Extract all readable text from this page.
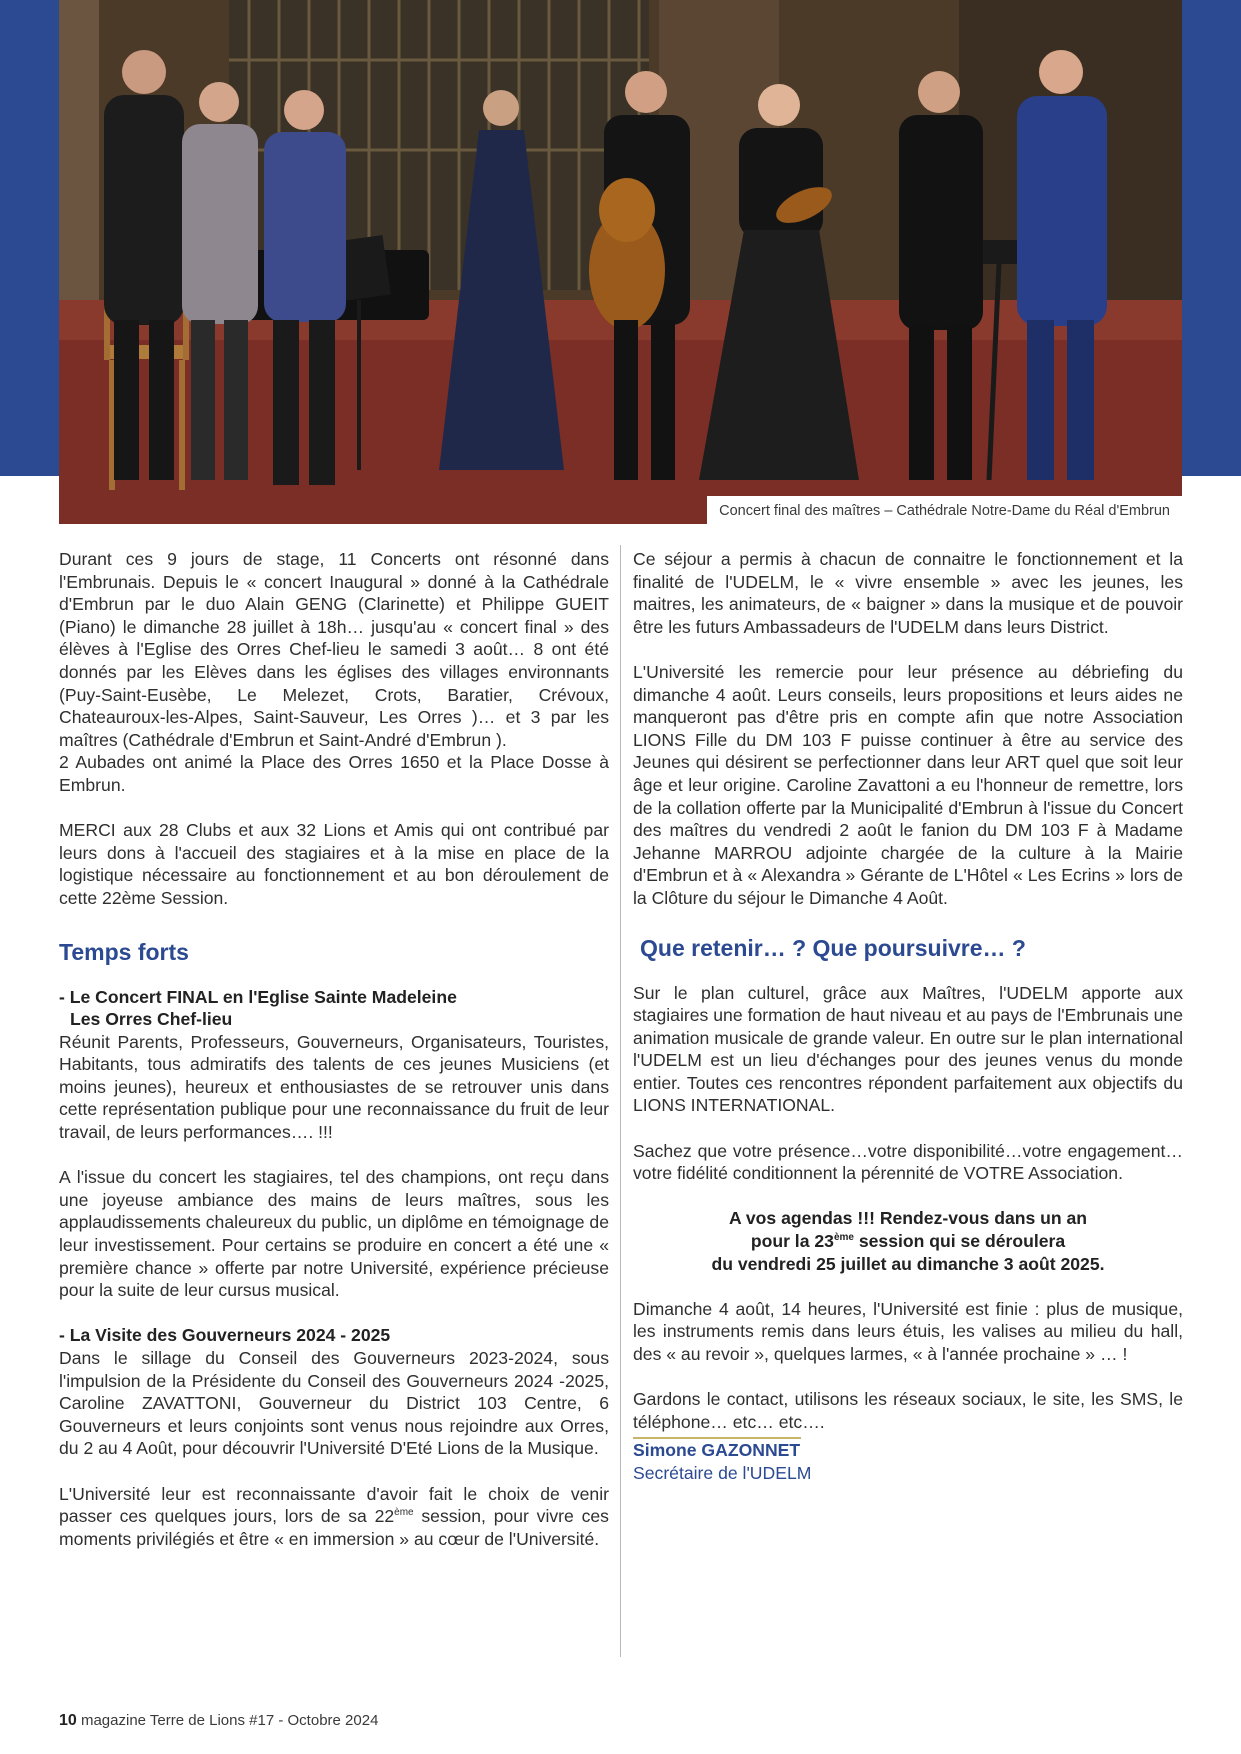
Concert final des maîtres – Cathédrale Notre-Dame du Réal d'Embrun

Durant ces 9 jours de stage, 11 Concerts ont résonné dans l'Embrunais. Depuis le « concert Inaugural » donné à la Cathédrale d'Embrun par le duo Alain GENG (Clarinette) et Philippe GUEIT (Piano) le dimanche 28 juillet à 18h… jusqu'au « concert final » des élèves à l'Eglise des Orres Chef-lieu le samedi 3 août… 8 ont été donnés par les Elèves dans les églises des villages environnants (Puy-Saint-Eusèbe, Le Melezet, Crots, Baratier, Crévoux, Chateauroux-les-Alpes, Saint-Sauveur, Les Orres )… et 3 par les maîtres (Cathédrale d'Embrun et Saint-André d'Embrun ).

2 Aubades ont animé la Place des Orres 1650 et la Place Dosse à Embrun.

MERCI aux 28 Clubs et aux 32 Lions et Amis qui ont contribué par leurs dons à l'accueil des stagiaires et à la mise en place de la logistique nécessaire au fonctionnement et au bon déroulement de cette 22ème Session.

Temps forts
- Le Concert FINAL en l'Eglise Sainte Madeleine
Les Orres Chef-lieu

Réunit Parents, Professeurs, Gouverneurs, Organisateurs, Touristes, Habitants, tous admiratifs des talents de ces jeunes Musiciens (et moins jeunes), heureux et enthousiastes de se retrouver unis dans cette représentation publique pour une reconnaissance du fruit de leur travail, de leurs performances…. !!!

A l'issue du concert les stagiaires, tel des champions, ont reçu dans une joyeuse ambiance des mains de leurs maîtres, sous les applaudissements chaleureux du public, un diplôme en témoignage de leur investissement. Pour certains se produire en concert a été une « première chance » offerte par notre Université, expérience précieuse pour la suite de leur cursus musical.

- La Visite des Gouverneurs 2024 - 2025

Dans le sillage du Conseil des Gouverneurs 2023-2024, sous l'impulsion de la Présidente du Conseil des Gouverneurs 2024 -2025, Caroline ZAVATTONI, Gouverneur du District 103 Centre, 6 Gouverneurs et leurs conjoints sont venus nous rejoindre aux Orres, du 2 au 4 Août, pour découvrir l'Université D'Eté Lions de la Musique.

L'Université leur est reconnaissante d'avoir fait le choix de venir passer ces quelques jours, lors de sa 22ème session, pour vivre ces moments privilégiés et être « en immersion » au cœur de l'Université.

Ce séjour a permis à chacun de connaitre le fonctionnement et la finalité de l'UDELM, le « vivre ensemble » avec les jeunes, les maitres, les animateurs, de « baigner » dans la musique et de pouvoir être les futurs Ambassadeurs de l'UDELM dans leurs District.

L'Université les remercie pour leur présence au débriefing du dimanche 4 août. Leurs conseils, leurs propositions et leurs aides ne manqueront pas d'être pris en compte afin que notre Association LIONS Fille du DM 103 F puisse continuer à être au service des Jeunes qui désirent se perfectionner dans leur ART quel que soit leur âge et leur origine. Caroline Zavattoni a eu l'honneur de remettre, lors de la collation offerte par la Municipalité d'Embrun à l'issue du Concert des maîtres du vendredi 2 août le fanion du DM 103 F à Madame Jehanne MARROU adjointe chargée de la culture à la Mairie d'Embrun et à « Alexandra » Gérante de L'Hôtel « Les Ecrins » lors de la Clôture du séjour le Dimanche 4 Août.

Que retenir… ? Que poursuivre… ?

Sur le plan culturel, grâce aux Maîtres, l'UDELM apporte aux stagiaires une formation de haut niveau et au pays de l'Embrunais une animation musicale de grande valeur. En outre sur le plan international l'UDELM est un lieu d'échanges pour des jeunes venus du monde entier. Toutes ces rencontres répondent parfaitement aux objectifs du LIONS INTERNATIONAL.

Sachez que votre présence…votre disponibilité…votre engagement…votre fidélité conditionnent la pérennité de VOTRE Association.

A vos agendas !!! Rendez-vous dans un an
pour la 23ème session qui se déroulera
du vendredi 25 juillet au dimanche 3 août 2025.

Dimanche 4 août, 14 heures, l'Université est finie : plus de musique, les instruments remis dans leurs étuis, les valises au milieu du hall, des « au revoir », quelques larmes, « à l'année prochaine » … !

Gardons le contact, utilisons les réseaux sociaux, le site, les SMS, le téléphone… etc… etc….

Simone GAZONNET
Secrétaire de l'UDELM
10 magazine Terre de Lions #17 - Octobre 2024
